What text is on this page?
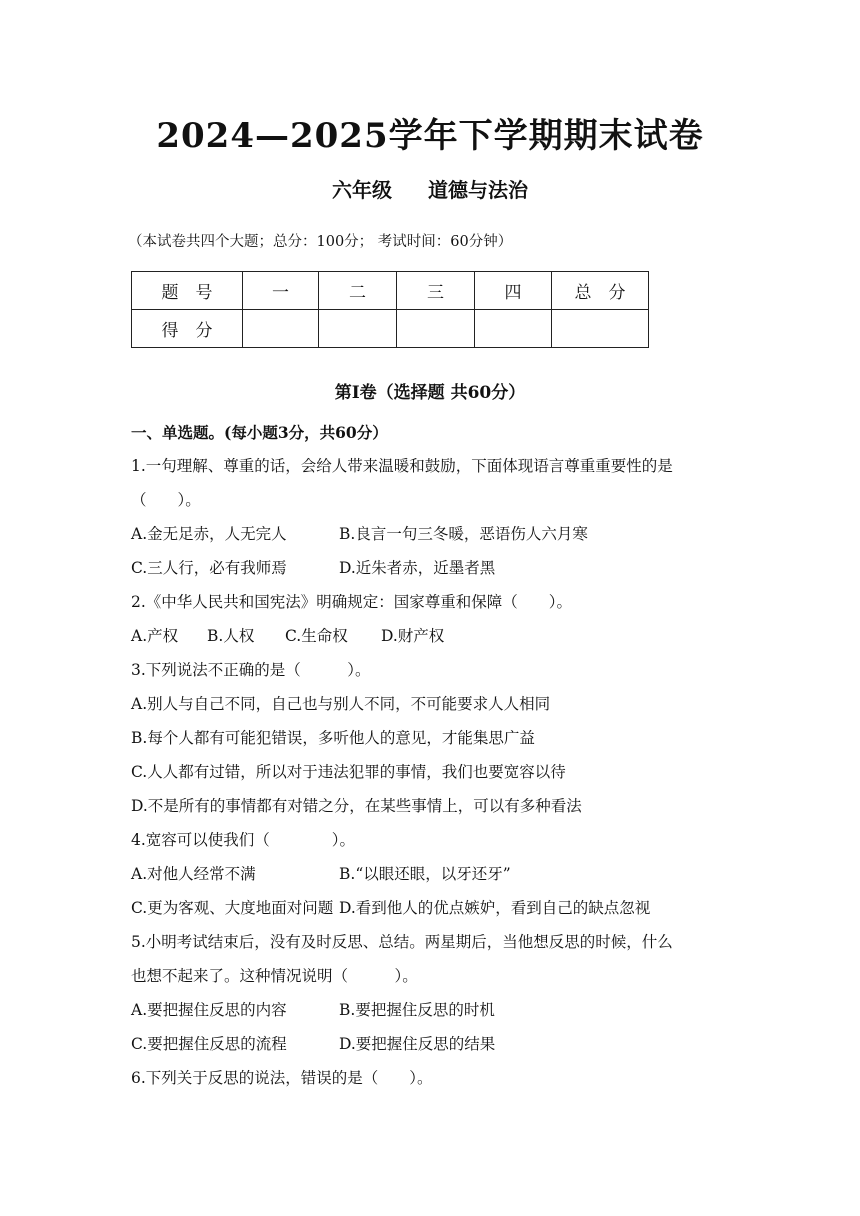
2024—2025学年下学期期末试卷
六年级 道德与法治
（本试卷共四个大题；总分：100分； 考试时间：60分钟）
题　号	一	二	三	四	总　分
得　分					
第Ⅰ卷（选择题 共60分）
一、单选题。(每小题3分，共60分）
1.一句理解、尊重的话，会给人带来温暖和鼓励，下面体现语言尊重重要性的是
（　　）。
A.金无足赤，人无完人	B.良言一句三冬暖，恶语伤人六月寒
C.三人行，必有我师焉	D.近朱者赤，近墨者黑
2.《中华人民共和国宪法》明确规定：国家尊重和保障（　　）。
A.产权 B.人权 C.生命权 D.财产权
3.下列说法不正确的是（　　　）。
A.别人与自己不同，自己也与别人不同，不可能要求人人相同
B.每个人都有可能犯错误，多听他人的意见，才能集思广益
C.人人都有过错，所以对于违法犯罪的事情，我们也要宽容以待
D.不是所有的事情都有对错之分，在某些事情上，可以有多种看法
4.宽容可以使我们（　　　　）。
A.对他人经常不满	B.“以眼还眼，以牙还牙”
C.更为客观、大度地面对问题 D.看到他人的优点嫉妒，看到自己的缺点忽视
5.小明考试结束后，没有及时反思、总结。两星期后，当他想反思的时候，什么
也想不起来了。这种情况说明（　　　）。
A.要把握住反思的内容	B.要把握住反思的时机
C.要把握住反思的流程	D.要把握住反思的结果
6.下列关于反思的说法，错误的是（　　）。
